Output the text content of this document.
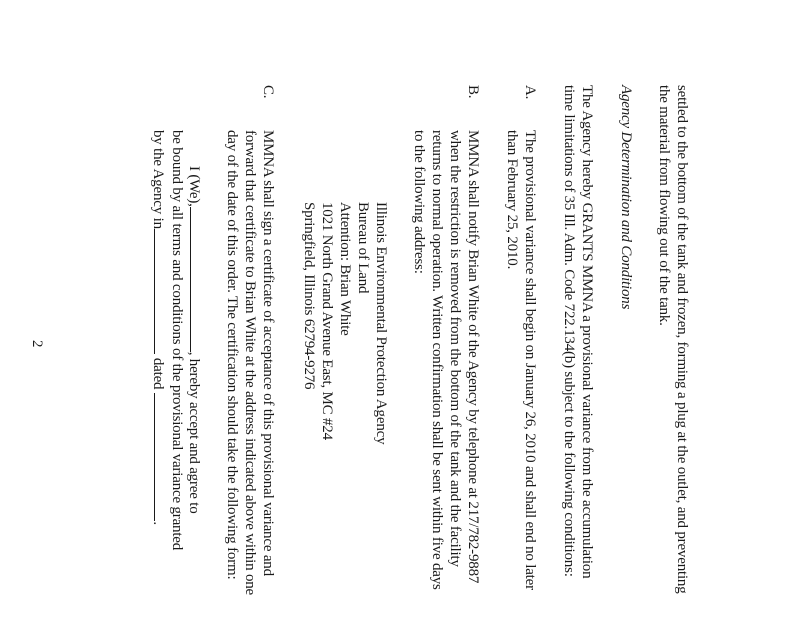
settled to the bottom of the tank and frozen, forming a plug at the outlet, and preventing
the material from flowing out of the tank.
Agency Determination and Conditions
The Agency hereby GRANTS MMNA a provisional variance from the accumulation
time limitations of 35 Ill. Adm. Code 722.134(b) subject to the following conditions:
A.
The provisional variance shall begin on January 26, 2010 and shall end no later
than February 25, 2010.
B.
MMNA shall notify Brian White of the Agency by telephone at 217/782-9887
when the restriction is removed from the bottom of the tank and the facility
returns to normal operation. Written confirmation shall be sent within five days
to the following address:
Illinois Environmental Protection Agency
Bureau of Land
Attention: Brian White
1021 North Grand Avenue East, MC #24
Springfield, Illinois 62794-9276
C.
MMNA shall sign a certificate of acceptance of this provisional variance and
forward that certificate to Brian White at the address indicated above within one
day of the date of this order. The certification should take the following form:
I (We),, hereby accept and agree to
be bound by all terms and conditions of the provisional variance granted
by the Agency indated.
2
